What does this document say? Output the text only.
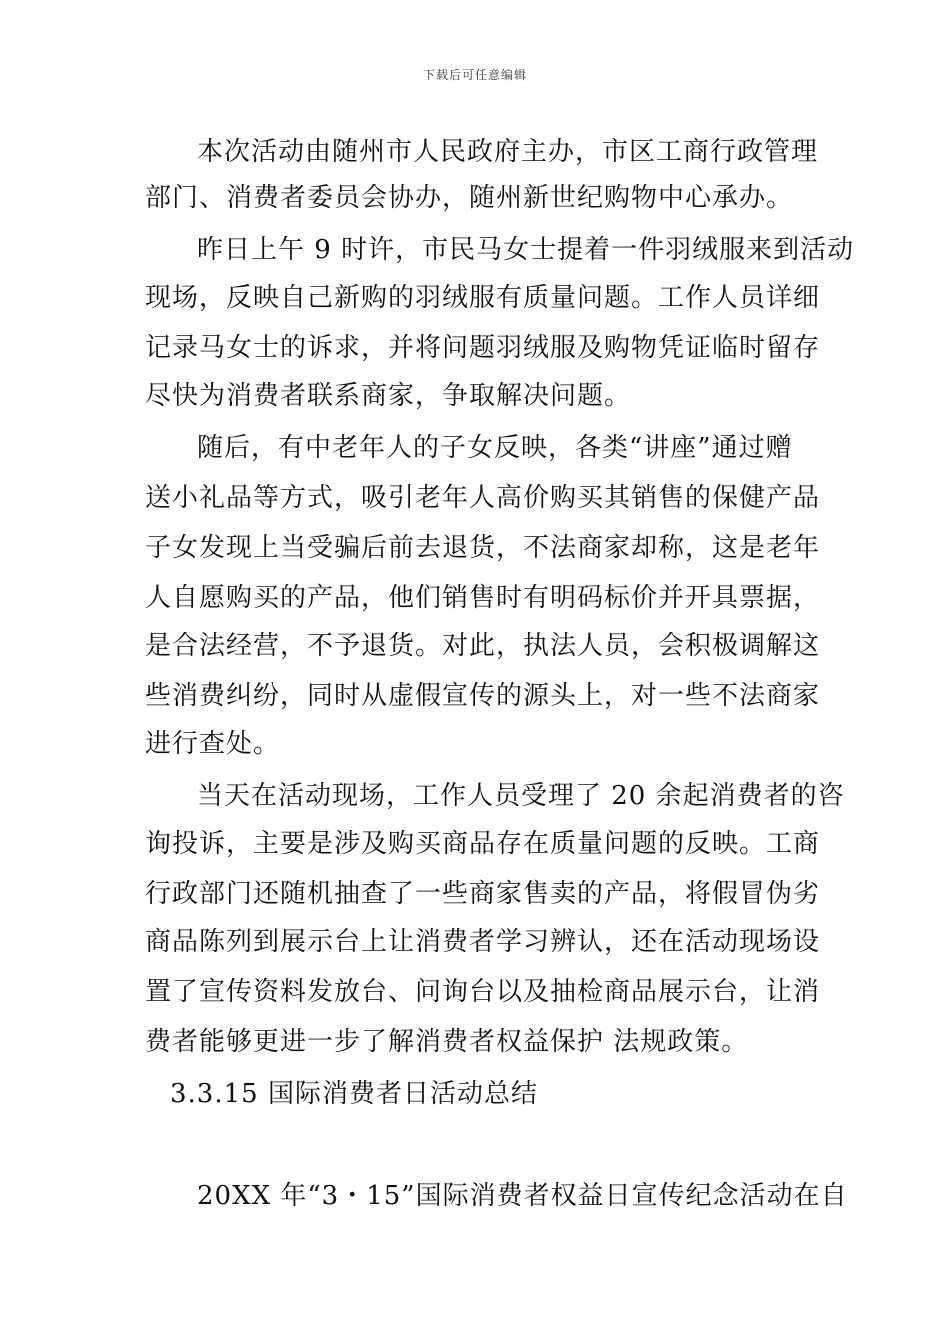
下载后可任意编辑
本次活动由随州市人民政府主办，市区工商行政管理
部门、消费者委员会协办，随州新世纪购物中心承办。
昨日上午 9 时许，市民马女士提着一件羽绒服来到活动
现场，反映自己新购的羽绒服有质量问题。工作人员详细
记录马女士的诉求，并将问题羽绒服及购物凭证临时留存
尽快为消费者联系商家，争取解决问题。
随后，有中老年人的子女反映，各类“讲座”通过赠
送小礼品等方式，吸引老年人高价购买其销售的保健产品
子女发现上当受骗后前去退货，不法商家却称，这是老年
人自愿购买的产品，他们销售时有明码标价并开具票据，
是合法经营，不予退货。对此，执法人员，会积极调解这
些消费纠纷，同时从虚假宣传的源头上，对一些不法商家
进行查处。
当天在活动现场，工作人员受理了 20 余起消费者的咨
询投诉，主要是涉及购买商品存在质量问题的反映。工商
行政部门还随机抽查了一些商家售卖的产品，将假冒伪劣
商品陈列到展示台上让消费者学习辨认，还在活动现场设
置了宣传资料发放台、问询台以及抽检商品展示台，让消
费者能够更进一步了解消费者权益保护 法规政策。
3.3.15 国际消费者日活动总结
20XX 年“3・15”国际消费者权益日宣传纪念活动在自
